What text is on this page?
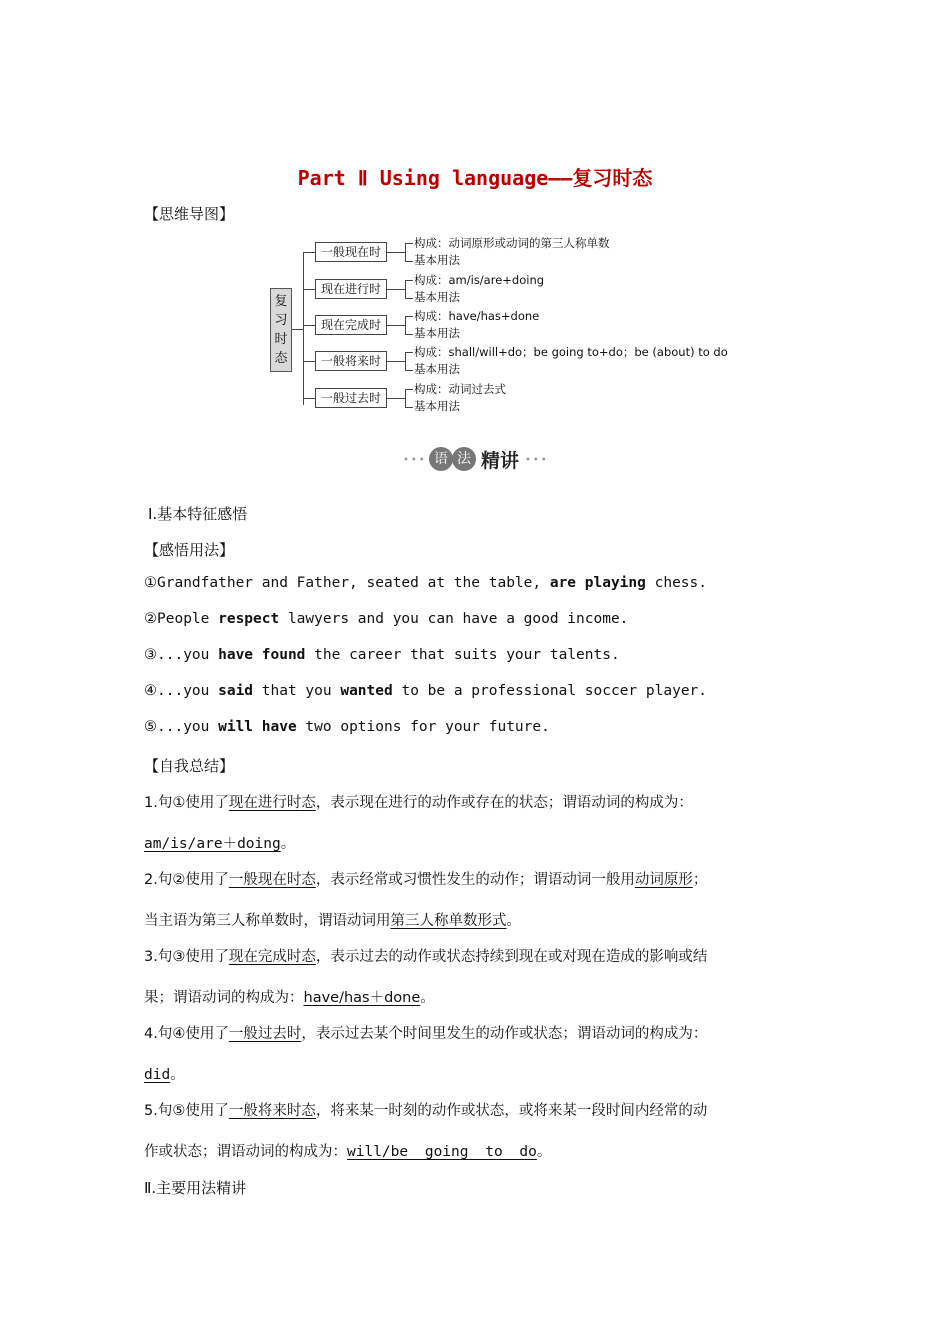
Part Ⅱ Using language——复习时态
【思维导图】
复习时态
一般现在时
构成：动词原形或动词的第三人称单数
基本用法
现在进行时
构成：am/is/are+doing
基本用法
现在完成时
构成：have/has+done
基本用法
一般将来时
构成：shall/will+do；be going to+do；be (about) to do
基本用法
一般过去时
构成：动词过去式
基本用法
••• 语 法 精讲 •••
Ⅰ.基本特征感悟
【感悟用法】
①Grandfather and Father, seated at the table, are playing chess.
②People respect lawyers and you can have a good income.
③...you have found the career that suits your talents.
④...you said that you wanted to be a professional soccer player.
⑤...you will have two options for your future.
【自我总结】
1.句①使用了现在进行时态，表示现在进行的动作或存在的状态；谓语动词的构成为：
am/is/are＋doing。
2.句②使用了一般现在时态，表示经常或习惯性发生的动作；谓语动词一般用动词原形；
当主语为第三人称单数时，谓语动词用第三人称单数形式。
3.句③使用了现在完成时态，表示过去的动作或状态持续到现在或对现在造成的影响或结
果；谓语动词的构成为：have/has＋done。
4.句④使用了一般过去时，表示过去某个时间里发生的动作或状态；谓语动词的构成为：
did。
5.句⑤使用了一般将来时态，将来某一时刻的动作或状态，或将来某一段时间内经常的动
作或状态；谓语动词的构成为：will/be going to do。
Ⅱ.主要用法精讲
